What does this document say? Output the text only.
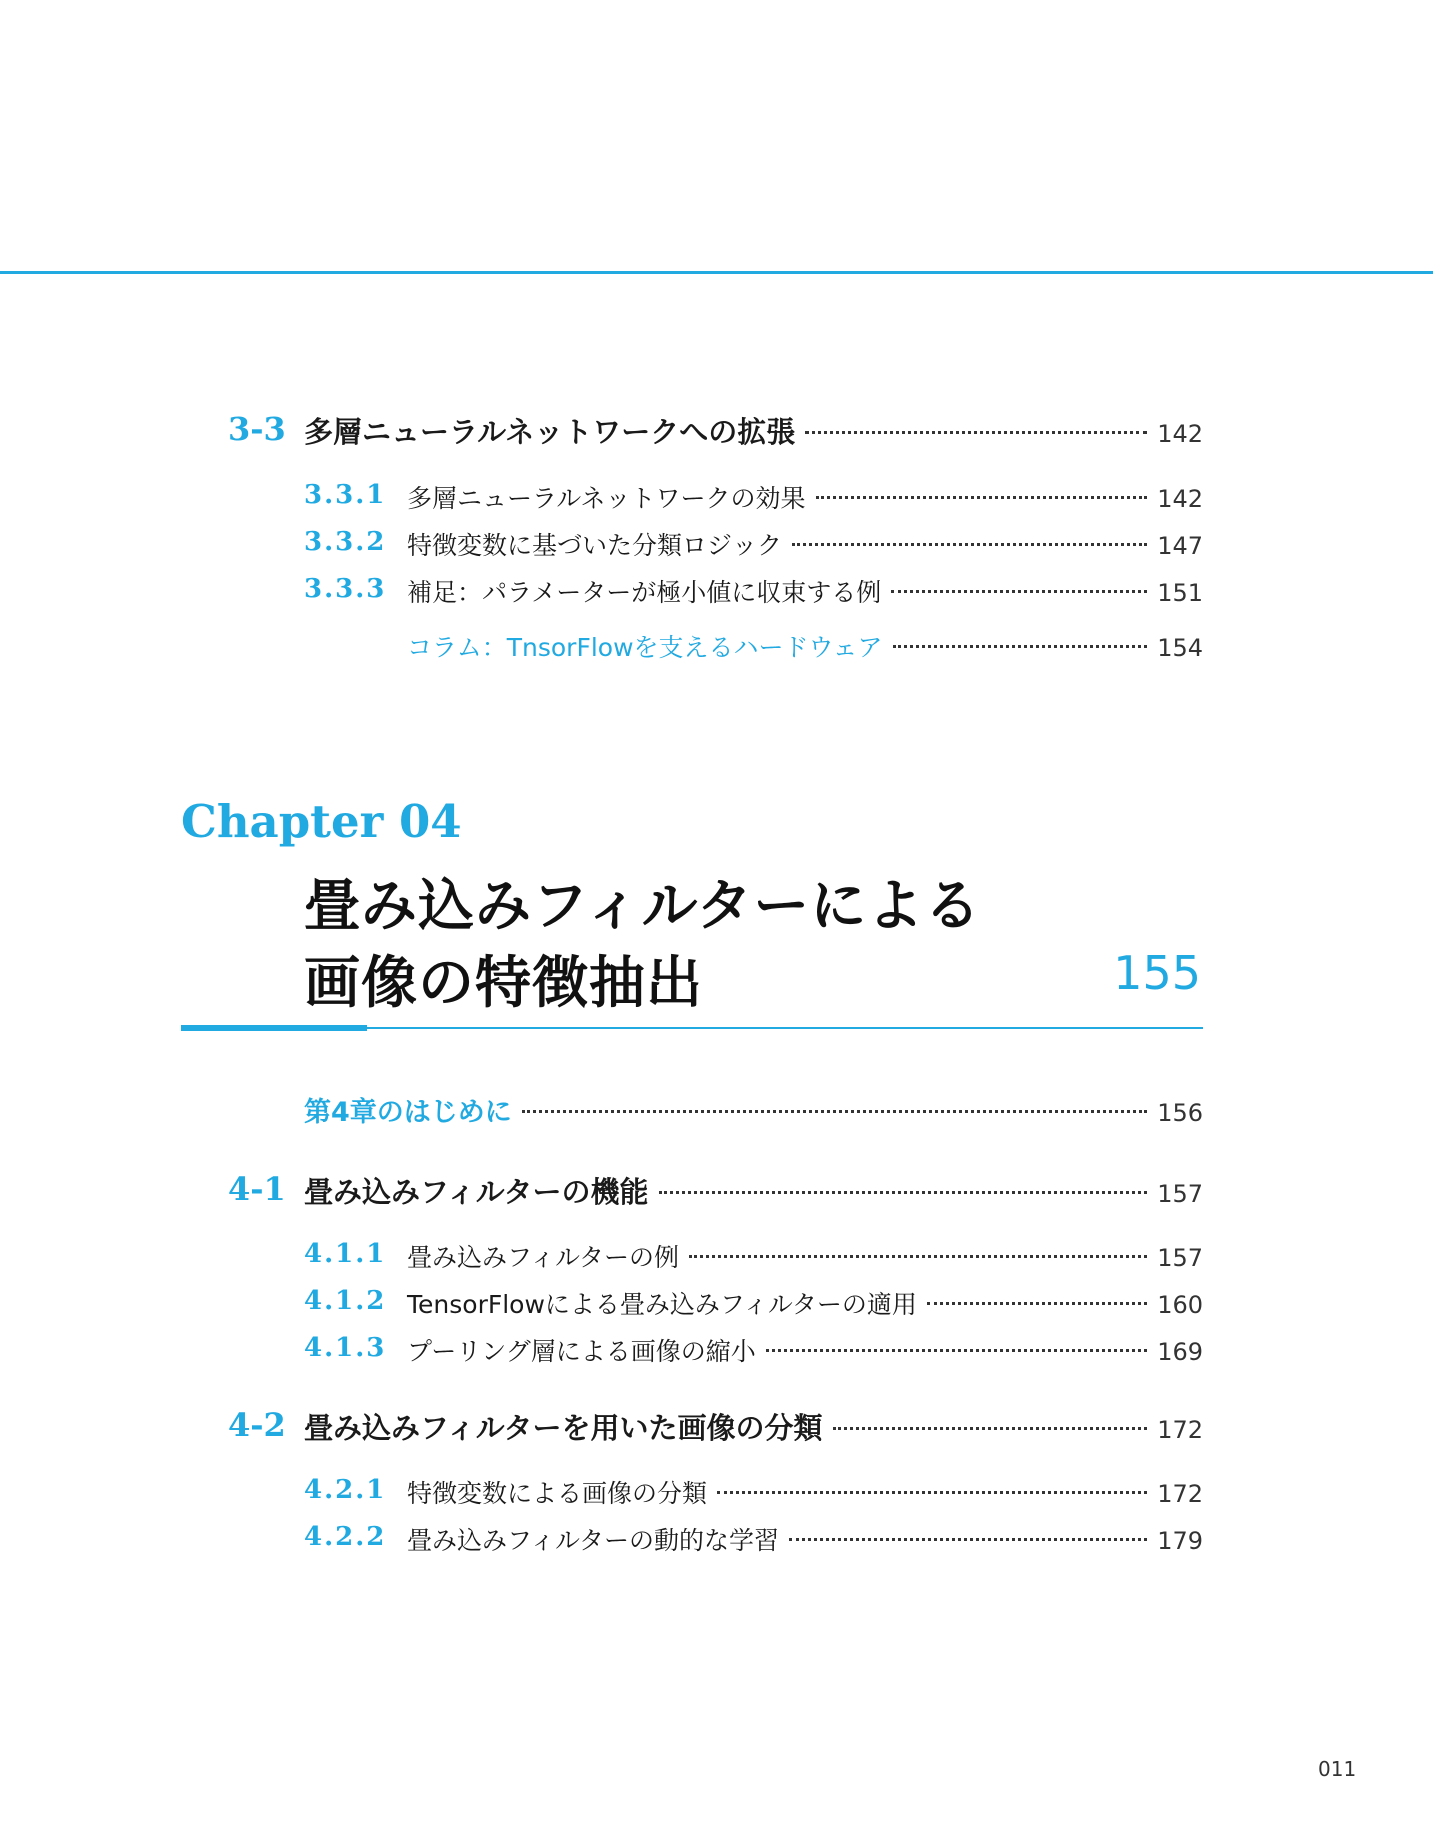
3-3 多層ニューラルネットワークへの拡張	142
3.3.1 多層ニューラルネットワークの効果	142
3.3.2 特徴変数に基づいた分類ロジック	147
3.3.3 補足：パラメーターが極小値に収束する例	151
コラム：TnsorFlowを支えるハードウェア	154
Chapter 04
畳み込みフィルターによる
画像の特徴抽出	155
第4章のはじめに	156
4-1 畳み込みフィルターの機能	157
4.1.1 畳み込みフィルターの例	157
4.1.2 TensorFlowによる畳み込みフィルターの適用	160
4.1.3 プーリング層による画像の縮小	169
4-2 畳み込みフィルターを用いた画像の分類	172
4.2.1 特徴変数による画像の分類	172
4.2.2 畳み込みフィルターの動的な学習	179
011
